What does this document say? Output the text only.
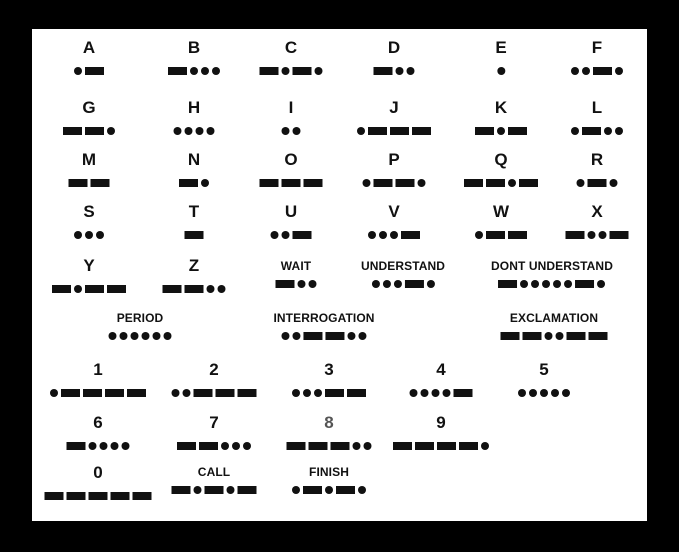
A	B	C	D	E	F
G	H	I	J	K	L
M	N	O	P	Q	R
S	T	U	V	W	X
Y	Z	WAIT	UNDERSTAND	DONT UNDERSTAND
PERIOD	INTERROGATION	EXCLAMATION
1	2	3	4	5
6	7	8	9
0	CALL	FINISH
